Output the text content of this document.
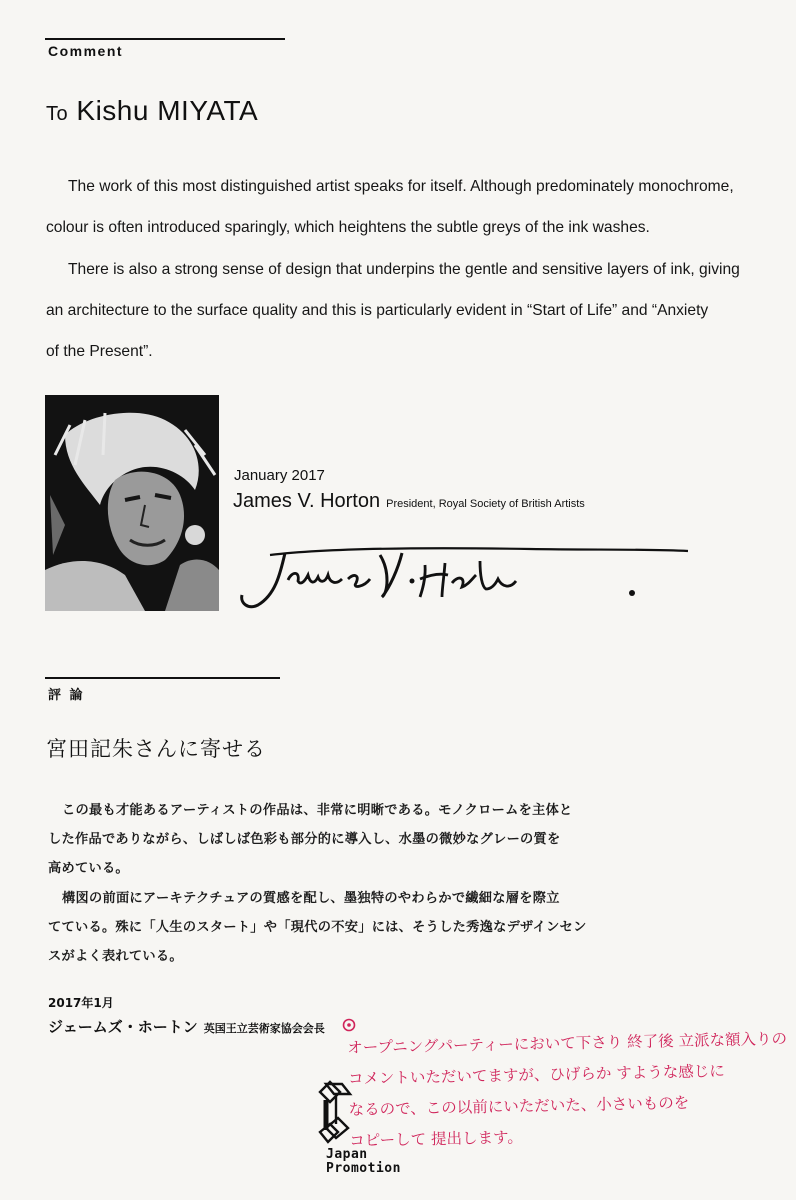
Comment
To Kishu MIYATA

The work of this most distinguished artist speaks for itself. Although predominately monochrome, colour is often introduced sparingly, which heightens the subtle greys of the ink washes.

There is also a strong sense of design that underpins the gentle and sensitive layers of ink, giving

an architecture to the surface quality and this is particularly evident in “Start of Life” and “Anxiety

of the Present”.

January 2017
James V. Horton President, Royal Society of British Artists
評 論
宮田記朱さんに寄せる

この最も才能あるアーティストの作品は、非常に明晰である。モノクロームを主体と

した作品でありながら、しばしば色彩も部分的に導入し、水墨の微妙なグレーの質を

高めている。

構図の前面にアーキテクチュアの質感を配し、墨独特のやわらかで繊細な層を際立

てている。殊に「人生のスタート」や「現代の不安」には、そうした秀逸なデザインセン

スがよく表れている。

2017年1月
ジェームズ・ホートン 英国王立芸術家協会会長
オープニングパーティーにおいて下さり 終了後 立派な額入りの
コメントいただいてますが、ひげらか すような感じに
なるので、この以前にいただいた、小さいものを
コピーして 提出します。
Japan
Promotion
